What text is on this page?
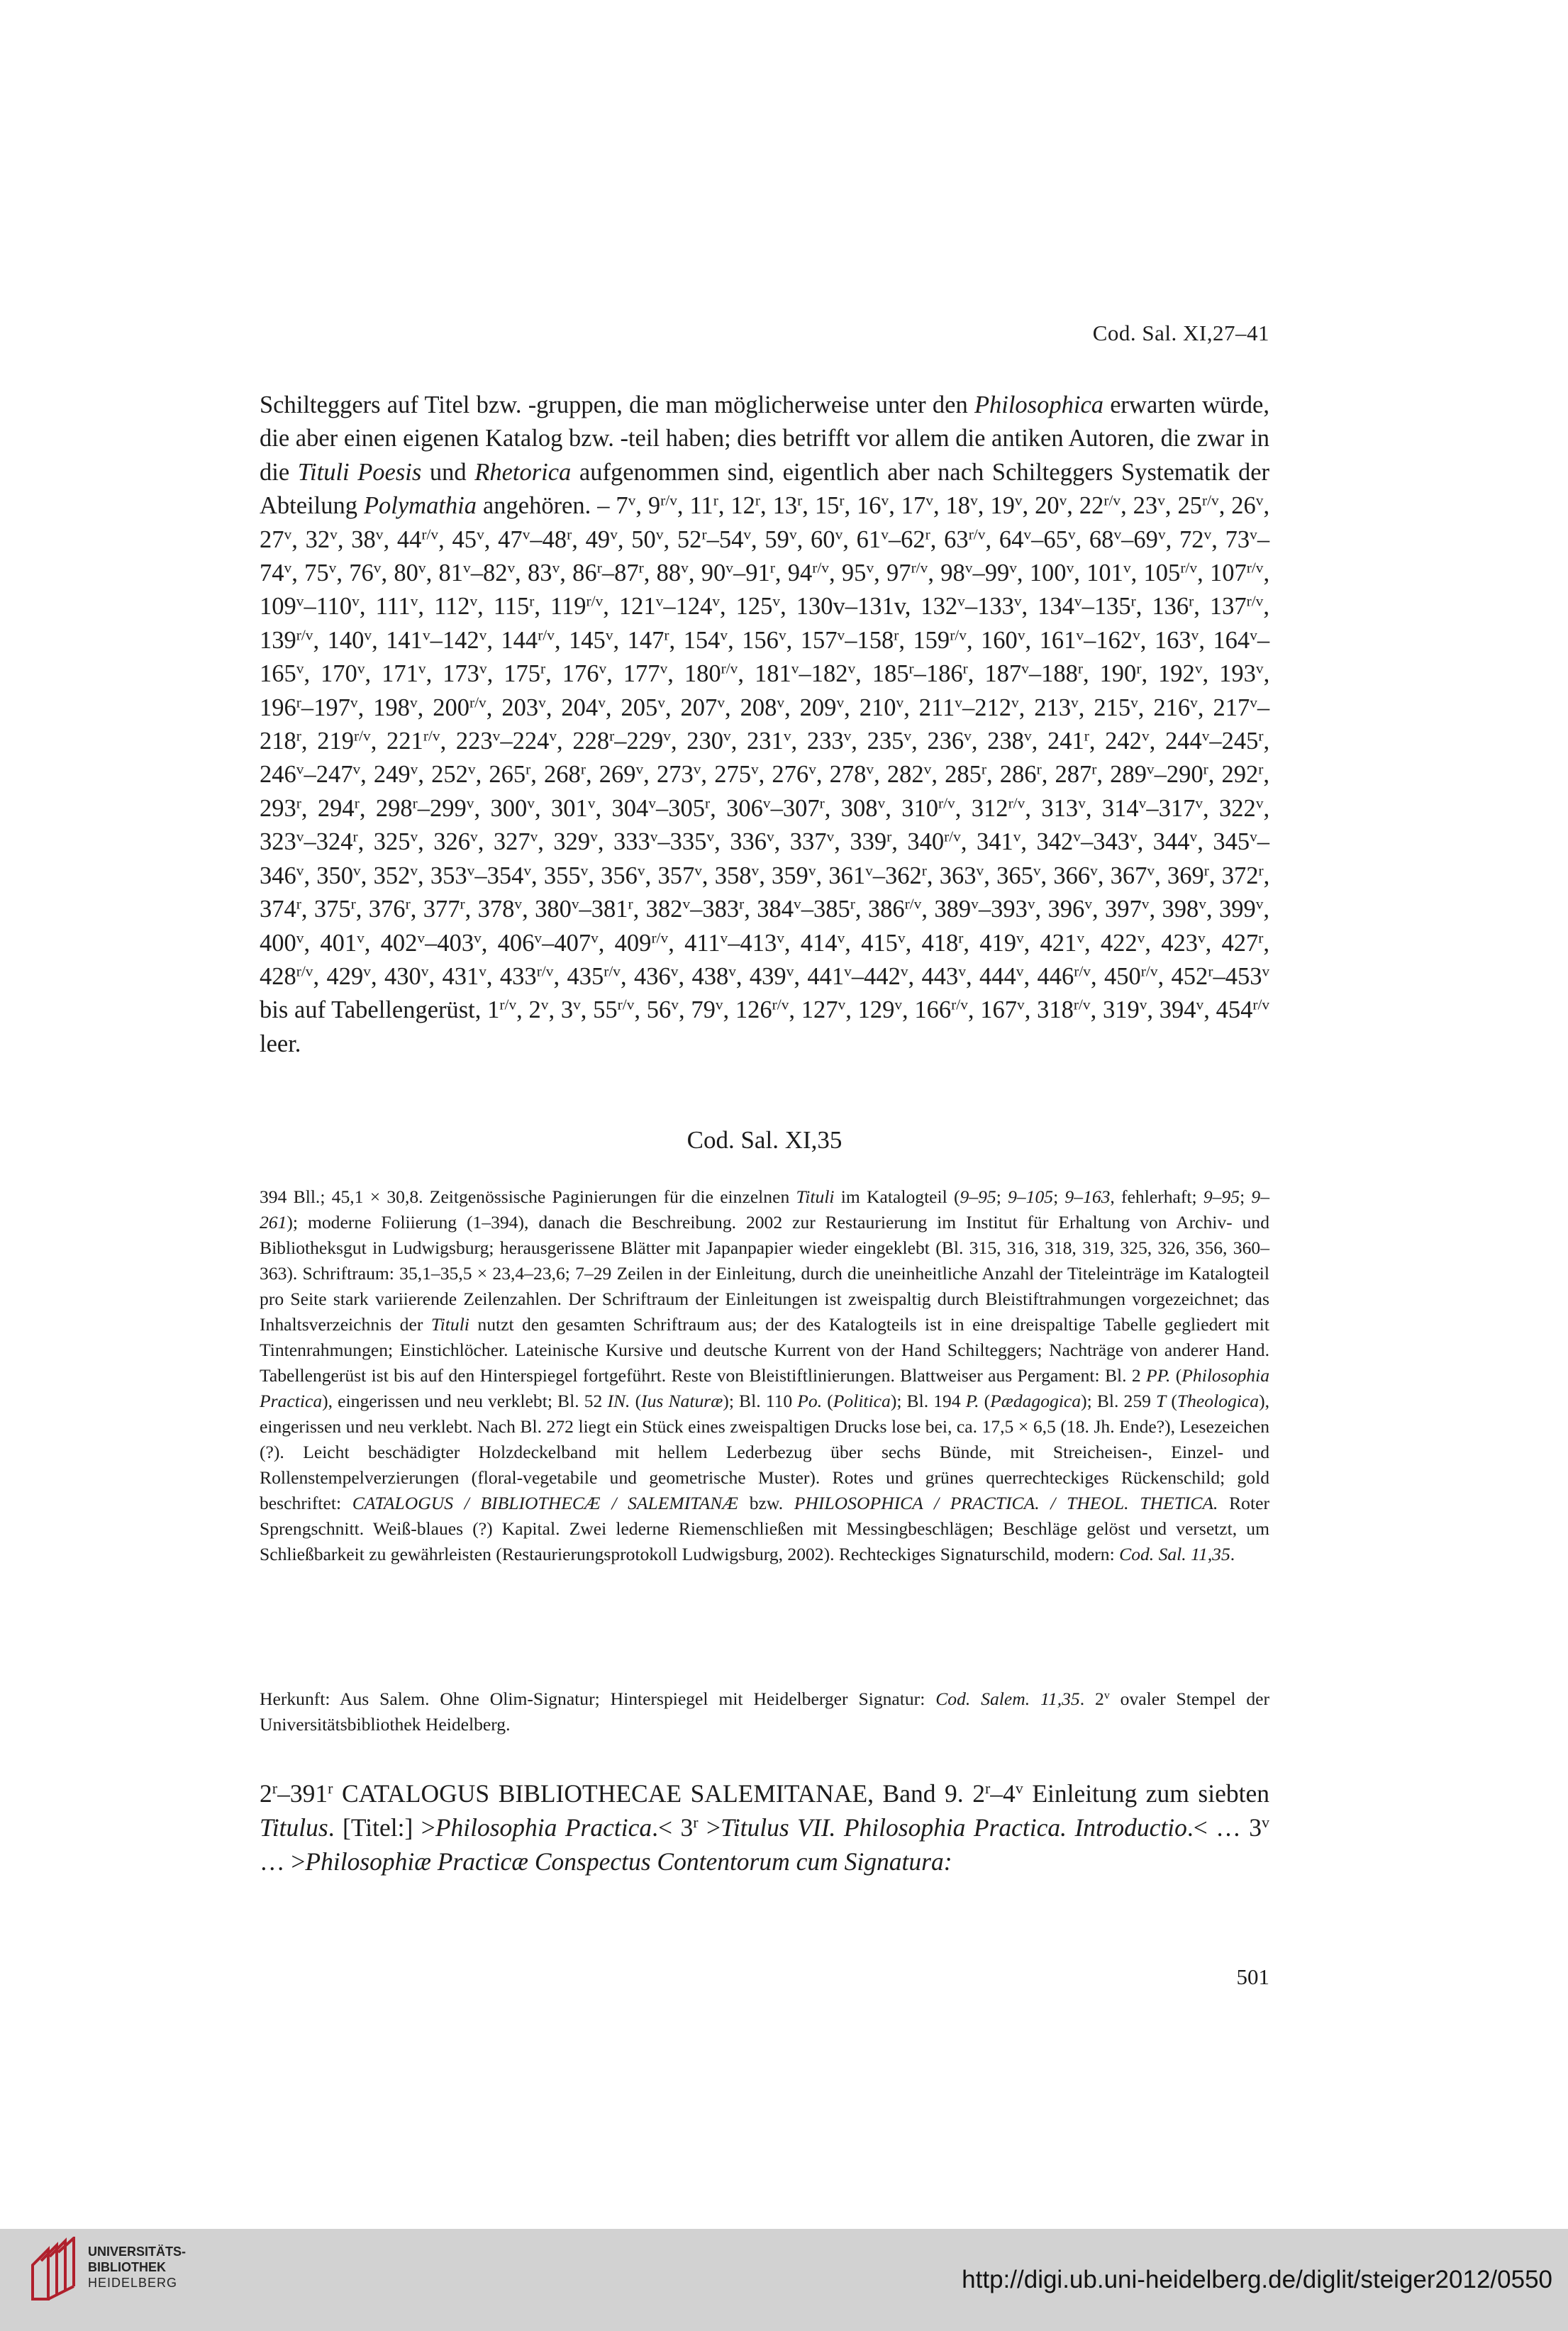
Cod. Sal. XI,27–41

Schilteggers auf Titel bzw. -gruppen, die man möglicherweise unter den Philosophica erwarten würde, die aber einen eigenen Katalog bzw. -teil haben; dies betrifft vor allem die antiken Autoren, die zwar in die Tituli Poesis und Rhetorica aufgenommen sind, eigentlich aber nach Schilteggers Systematik der Abteilung Polymathia angehören. – 7$^v$, $9^{r/v}$, 11$^r$, 12$^r$, 13$^r$, 15$^r$, 16$^v$, 17$^v$, 18$^v$, 19$^v$, 20$^v$, $22^{r/v}$, 23$^v$, $25^{r/v}$, 26$^v$, 27$^v$, 32$^v$, 38$^v$, $44^{r/v}$, 45$^v$, 47$^v$–48$^r$, 49$^v$, 50$^v$, 52$^r$–54$^v$, 59$^v$, 60$^v$, 61$^v$–62$^r$, $63^{r/v}$, 64$^v$–65$^v$, 68$^v$–69$^v$, 72$^v$, 73$^v$–74$^v$, 75$^v$, 76$^v$, 80$^v$, 81$^v$–82$^v$, 83$^v$, 86$^r$–87$^r$, 88$^v$, 90$^v$–91$^r$, $94^{r/v}$, 95$^v$, $97^{r/v}$, 98$^v$–99$^v$, 100$^v$, 101$^v$, $105^{r/v}$, $107^{r/v}$, 109$^v$–110$^v$, 111$^v$, 112$^v$, 115$^r$, $119^{r/v}$, 121$^v$–124$^v$, 125$^v$, 130v–131v, 132$^v$–133$^v$, 134$^v$–135$^r$, 136$^r$, $137^{r/v}$, $139^{r/v}$, 140$^v$, 141$^v$–142$^v$, $144^{r/v}$, 145$^v$, 147$^r$, 154$^v$, 156$^v$, 157$^v$–158$^r$, $159^{r/v}$, 160$^v$, 161$^v$–162$^v$, 163$^v$, 164$^v$–165$^v$, 170$^v$, 171$^v$, 173$^v$, 175$^r$, 176$^v$, 177$^v$, $180^{r/v}$, 181$^v$–182$^v$, 185$^r$–186$^r$, 187$^v$–188$^r$, 190$^r$, 192$^v$, 193$^v$, 196$^r$–197$^v$, 198$^v$, $200^{r/v}$, 203$^v$, 204$^v$, 205$^v$, 207$^v$, 208$^v$, 209$^v$, 210$^v$, 211$^v$–212$^v$, 213$^v$, 215$^v$, 216$^v$, 217$^v$–218$^r$, $219^{r/v}$, $221^{r/v}$, 223$^v$–224$^v$, 228$^r$–229$^v$, 230$^v$, 231$^v$, 233$^v$, 235$^v$, 236$^v$, 238$^v$, 241$^r$, 242$^v$, 244$^v$–245$^r$, 246$^v$–247$^v$, 249$^v$, 252$^v$, 265$^r$, 268$^r$, 269$^v$, 273$^v$, 275$^v$, 276$^v$, 278$^v$, 282$^v$, 285$^r$, 286$^r$, 287$^r$, 289$^v$–290$^r$, 292$^r$, 293$^r$, 294$^r$, 298$^r$–299$^v$, 300$^v$, 301$^v$, 304$^v$–305$^r$, 306$^v$–307$^r$, 308$^v$, $310^{r/v}$, $312^{r/v}$, 313$^v$, 314$^v$–317$^v$, 322$^v$, 323$^v$–324$^r$, 325$^v$, 326$^v$, 327$^v$, 329$^v$, 333$^v$–335$^v$, 336$^v$, 337$^v$, 339$^r$, $340^{r/v}$, 341$^v$, 342$^v$–343$^v$, 344$^v$, 345$^v$–346$^v$, 350$^v$, 352$^v$, 353$^v$–354$^v$, 355$^v$, 356$^v$, 357$^v$, 358$^v$, 359$^v$, 361$^v$–362$^r$, 363$^v$, 365$^v$, 366$^v$, 367$^v$, 369$^r$, 372$^r$, 374$^r$, 375$^r$, 376$^r$, 377$^r$, 378$^v$, 380$^v$–381$^r$, 382$^v$–383$^r$, 384$^v$–385$^r$, $386^{r/v}$, 389$^v$–393$^v$, 396$^v$, 397$^v$, 398$^v$, 399$^v$, 400$^v$, 401$^v$, 402$^v$–403$^v$, 406$^v$–407$^v$, $409^{r/v}$, 411$^v$–413$^v$, 414$^v$, 415$^v$, 418$^r$, 419$^v$, 421$^v$, 422$^v$, 423$^v$, 427$^r$, $428^{r/v}$, 429$^v$, 430$^v$, 431$^v$, $433^{r/v}$, $435^{r/v}$, 436$^v$, 438$^v$, 439$^v$, 441$^v$–442$^v$, 443$^v$, 444$^v$, $446^{r/v}$, $450^{r/v}$, 452$^r$–453$^v$ bis auf Tabellengerüst, $1^{r/v}$, 2$^v$, 3$^v$, $55^{r/v}$, 56$^v$, 79$^v$, $126^{r/v}$, 127$^v$, 129$^v$, $166^{r/v}$, 167$^v$, $318^{r/v}$, 319$^v$, 394$^v$, $454^{r/v}$ leer.

Cod. Sal. XI,35

394 Bll.; 45,1 × 30,8. Zeitgenössische Paginierungen für die einzelnen Tituli im Katalogteil (9–95; 9–105; 9–163, fehlerhaft; 9–95; 9–261); moderne Foliierung (1–394), danach die Beschreibung. 2002 zur Restaurierung im Institut für Erhaltung von Archiv- und Bibliotheksgut in Ludwigsburg; herausgerissene Blätter mit Japanpapier wieder eingeklebt (Bl. 315, 316, 318, 319, 325, 326, 356, 360–363). Schriftraum: 35,1–35,5 × 23,4–23,6; 7–29 Zeilen in der Einleitung, durch die uneinheitliche Anzahl der Titeleinträge im Katalogteil pro Seite stark variierende Zeilenzahlen. Der Schriftraum der Einleitungen ist zweispaltig durch Bleistiftrahmungen vorgezeichnet; das Inhaltsverzeichnis der Tituli nutzt den gesamten Schriftraum aus; der des Katalogteils ist in eine dreispaltige Tabelle gegliedert mit Tintenrahmungen; Einstichlöcher. Lateinische Kursive und deutsche Kurrent von der Hand Schilteggers; Nachträge von anderer Hand. Tabellengerüst ist bis auf den Hinterspiegel fortgeführt. Reste von Bleistiftlinierungen. Blattweiser aus Pergament: Bl. 2 PP. (Philosophia Practica), eingerissen und neu verklebt; Bl. 52 IN. (Ius Naturæ); Bl. 110 Po. (Politica); Bl. 194 P. (Pædagogica); Bl. 259 T (Theologica), eingerissen und neu verklebt. Nach Bl. 272 liegt ein Stück eines zweispaltigen Drucks lose bei, ca. 17,5 × 6,5 (18. Jh. Ende?), Lesezeichen (?). Leicht beschädigter Holzdeckelband mit hellem Lederbezug über sechs Bünde, mit Streicheisen-, Einzel- und Rollenstempelverzierungen (floral-vegetabile und geometrische Muster). Rotes und grünes querrechteckiges Rückenschild; gold beschriftet: CATALOGUS / BIBLIOTHECÆ / SALEMITANÆ bzw. PHILOSOPHICA / PRACTICA. / THEOL. THETICA. Roter Sprengschnitt. Weiß-blaues (?) Kapital. Zwei lederne Riemenschließen mit Messingbeschlägen; Beschläge gelöst und versetzt, um Schließbarkeit zu gewährleisten (Restaurierungsprotokoll Ludwigsburg, 2002). Rechteckiges Signaturschild, modern: Cod. Sal. 11,35.

Herkunft: Aus Salem. Ohne Olim-Signatur; Hinterspiegel mit Heidelberger Signatur: Cod. Salem. 11,35. 2$^v$ ovaler Stempel der Universitätsbibliothek Heidelberg.

2$^r$–391$^r$ CATALOGUS BIBLIOTHECAE SALEMITANAE, Band 9. 2$^r$–4$^v$ Einleitung zum siebten Titulus. [Titel:] >Philosophia Practica.< $3^r$ >Titulus VII. Philosophia Practica. Introductio.< … 3$^v$ … >Philosophiæ Practicæ Conspectus Contentorum cum Signatura:

501
UNIVERSITÄTS-
BIBLIOTHEK
HEIDELBERG	http://digi.ub.uni-heidelberg.de/diglit/steiger2012/0550
